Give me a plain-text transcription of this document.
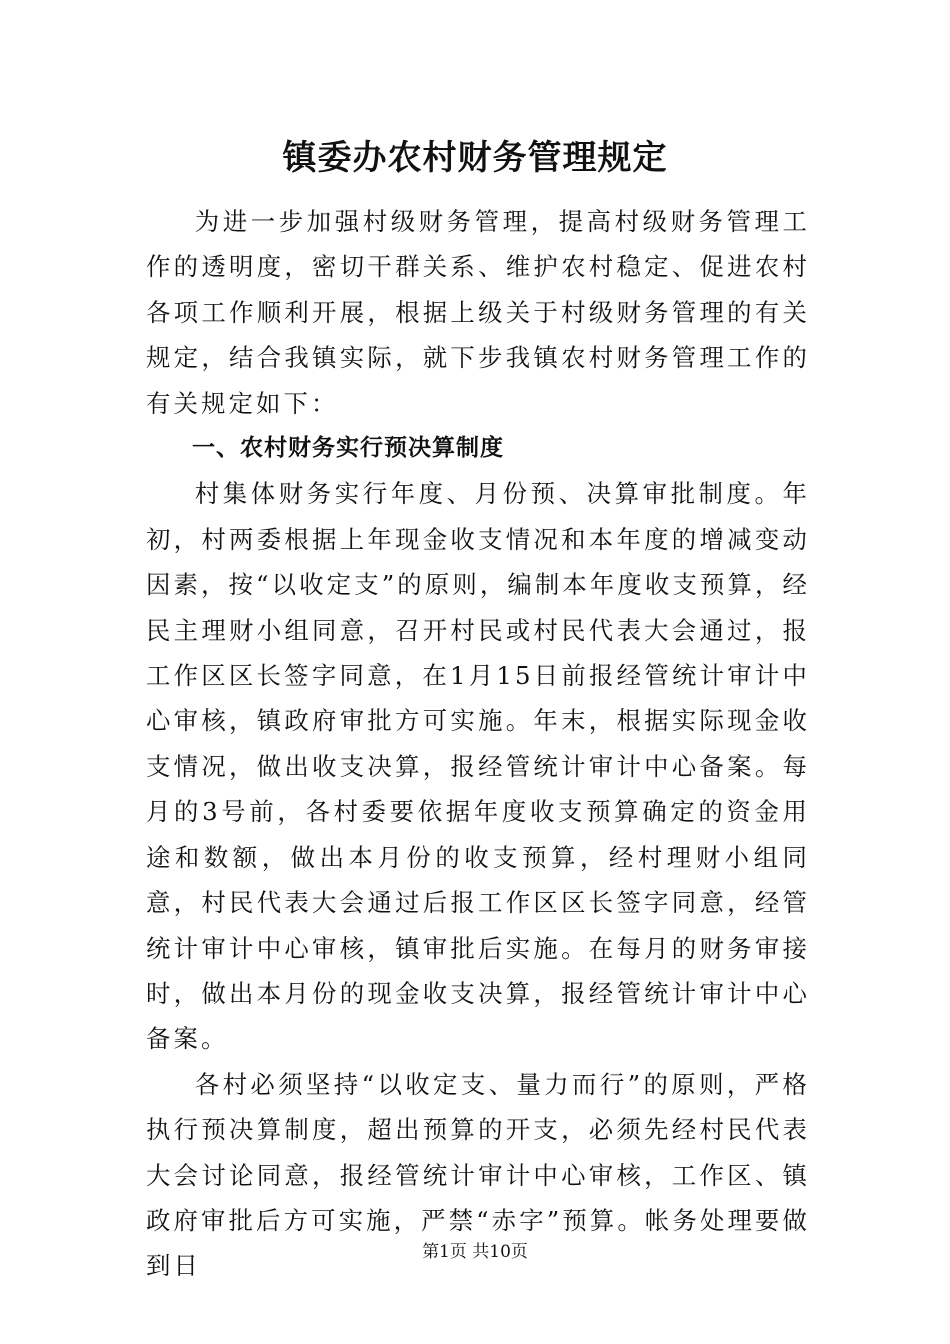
镇委办农村财务管理规定

为进一步加强村级财务管理，提高村级财务管理工作的透明度，密切干群关系、维护农村稳定、促进农村各项工作顺利开展，根据上级关于村级财务管理的有关规定，结合我镇实际，就下步我镇农村财务管理工作的有关规定如下：

一、农村财务实行预决算制度

村集体财务实行年度、月份预、决算审批制度。年初，村两委根据上年现金收支情况和本年度的增减变动因素，按“以收定支”的原则，编制本年度收支预算，经民主理财小组同意，召开村民或村民代表大会通过，报工作区区长签字同意，在1月15日前报经管统计审计中心审核，镇政府审批方可实施。年末，根据实际现金收支情况，做出收支决算，报经管统计审计中心备案。每月的3号前，各村委要依据年度收支预算确定的资金用途和数额，做出本月份的收支预算，经村理财小组同意，村民代表大会通过后报工作区区长签字同意，经管统计审计中心审核，镇审批后实施。在每月的财务审接时，做出本月份的现金收支决算，报经管统计审计中心备案。

各村必须坚持“以收定支、量力而行”的原则，严格执行预决算制度，超出预算的开支，必须先经村民代表大会讨论同意，报经管统计审计中心审核，工作区、镇政府审批后方可实施，严禁“赤字”预算。帐务处理要做到日	第1页 共10页
